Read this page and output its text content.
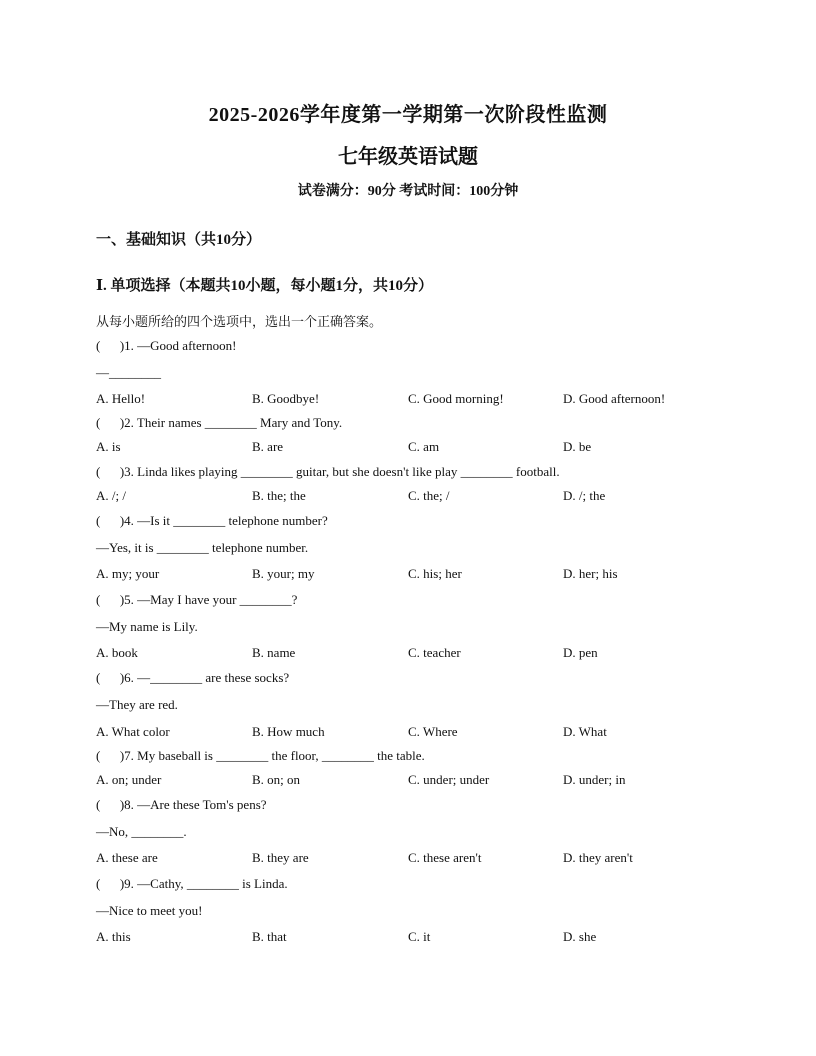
2025-2026学年度第一学期第一次阶段性监测
七年级英语试题
试卷满分：90分 考试时间：100分钟
一、基础知识（共10分）
Ⅰ. 单项选择（本题共10小题，每小题1分，共10分）
从每小题所给的四个选项中，选出一个正确答案。
(      )1. —Good afternoon!
—________
A. Hello!	B. Goodbye!	C. Good morning!	D. Good afternoon!
(      )2. Their names ________ Mary and Tony.
A. is	B. are	C. am	D. be
(      )3. Linda likes playing ________ guitar, but she doesn't like play ________ football.
A. /; /	B. the; the	C. the; /	D. /; the
(      )4. —Is it ________ telephone number?
—Yes, it is ________ telephone number.
A. my; your	B. your; my	C. his; her	D. her; his
(      )5. —May I have your ________?
—My name is Lily.
A. book	B. name	C. teacher	D. pen
(      )6. —________ are these socks?
—They are red.
A. What color	B. How much	C. Where	D. What
(      )7. My baseball is ________ the floor, ________ the table.
A. on; under	B. on; on	C. under; under	D. under; in
(      )8. —Are these Tom's pens?
—No, ________.
A. these are	B. they are	C. these aren't	D. they aren't
(      )9. —Cathy, ________ is Linda.
—Nice to meet you!
A. this	B. that	C. it	D. she
